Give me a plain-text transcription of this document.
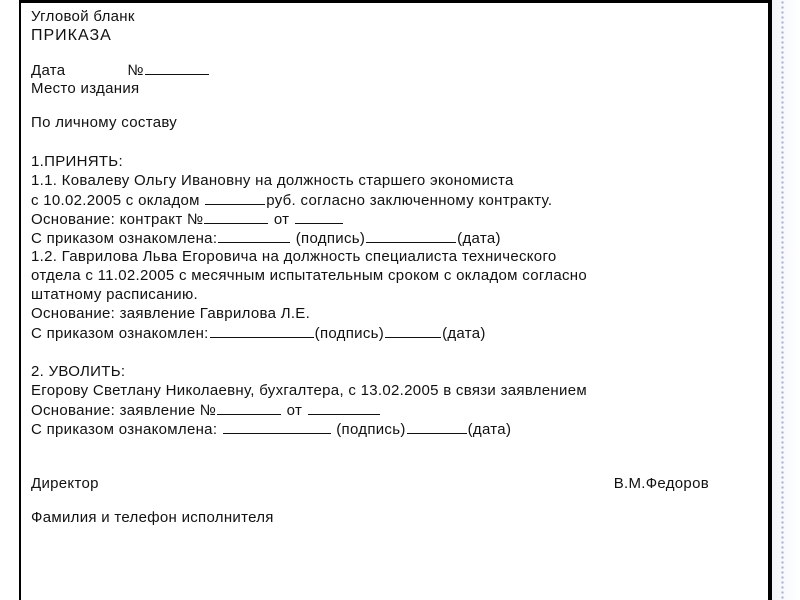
Угловой бланк
ПРИКАЗА
Дата	№
Место издания
По личному составу
1.ПРИНЯТЬ:
1.1. Ковалеву Ольгу Ивановну на должность старшего экономиста
с 10.02.2005 с окладом	руб. согласно заключенному контракту.
Основание: контракт №	от
С приказом ознакомлена:	(подпись)	(дата)
1.2. Гаврилова Льва Егоровича на должность специалиста технического
отдела с 11.02.2005 с месячным испытательным сроком с окладом согласно
штатному расписанию.
Основание: заявление Гаврилова Л.Е.
С приказом ознакомлен:	(подпись)	(дата)
2. УВОЛИТЬ:
Егорову Светлану Николаевну, бухгалтера, с 13.02.2005 в связи заявлением
Основание: заявление №	от
С приказом ознакомлена:	(подпись)	(дата)
Директор	В.М.Федоров
Фамилия и телефон исполнителя
